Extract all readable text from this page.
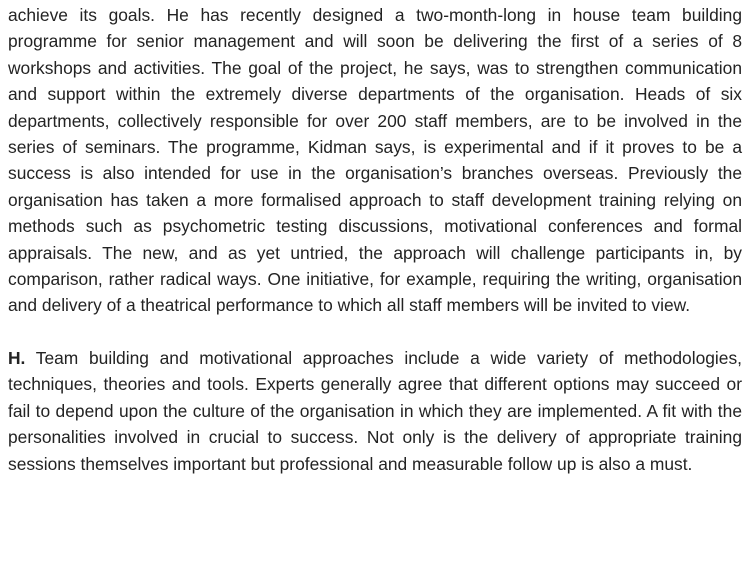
achieve its goals. He has recently designed a two-month-long in house team building programme for senior management and will soon be delivering the first of a series of 8 workshops and activities. The goal of the project, he says, was to strengthen communication and support within the extremely diverse departments of the organisation. Heads of six departments, collectively responsible for over 200 staff members, are to be involved in the series of seminars. The programme, Kidman says, is experimental and if it proves to be a success is also intended for use in the organisation’s branches overseas. Previously the organisation has taken a more formalised approach to staff development training relying on methods such as psychometric testing discussions, motivational conferences and formal appraisals. The new, and as yet untried, the approach will challenge participants in, by comparison, rather radical ways. One initiative, for example, requiring the writing, organisation and delivery of a theatrical performance to which all staff members will be invited to view.

H. Team building and motivational approaches include a wide variety of methodologies, techniques, theories and tools. Experts generally agree that different options may succeed or fail to depend upon the culture of the organisation in which they are implemented. A fit with the personalities involved in crucial to success. Not only is the delivery of appropriate training sessions themselves important but professional and measurable follow up is also a must.
